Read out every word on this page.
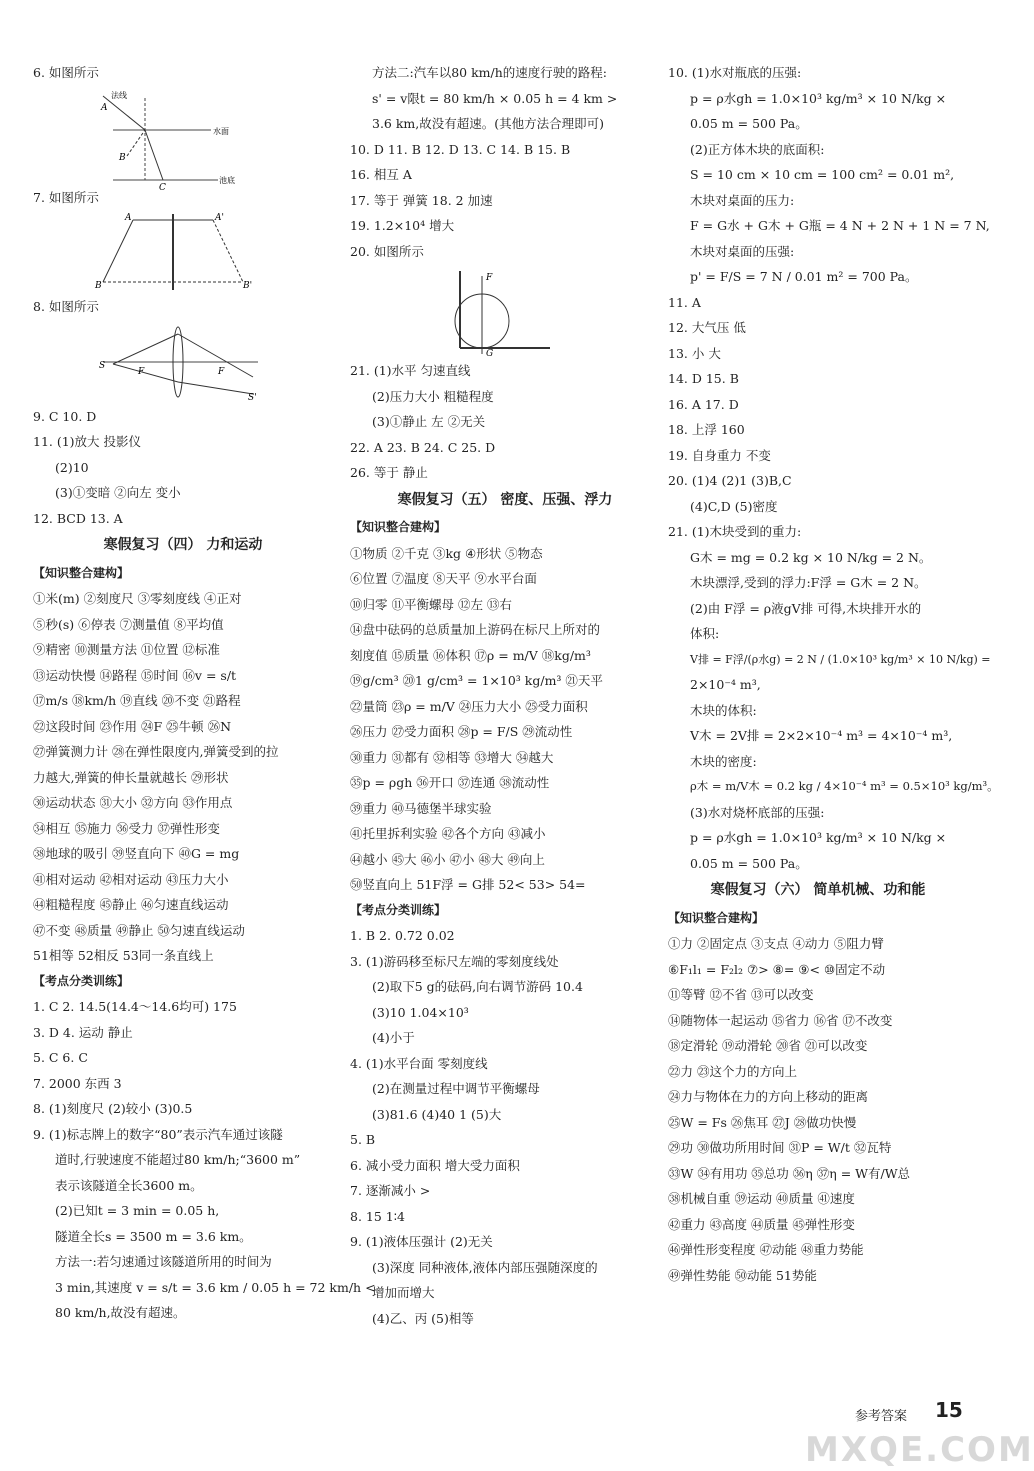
6. 如图所示
法线
水面
池底
A
B
C
7. 如图所示
A	A'
B	B'
8. 如图所示
S
F	F
S'
9. C 10. D
11. (1)放大 投影仪
(2)10
(3)①变暗 ②向左 变小
12. BCD 13. A
寒假复习（四） 力和运动
【知识整合建构】
①米(m) ②刻度尺 ③零刻度线 ④正对
⑤秒(s) ⑥停表 ⑦测量值 ⑧平均值
⑨精密 ⑩测量方法 ⑪位置 ⑫标准
⑬运动快慢 ⑭路程 ⑮时间 ⑯v = s/t
⑰m/s ⑱km/h ⑲直线 ⑳不变 ㉑路程
㉒这段时间 ㉓作用 ㉔F ㉕牛顿 ㉖N
㉗弹簧测力计 ㉘在弹性限度内,弹簧受到的拉
力越大,弹簧的伸长量就越长 ㉙形状
㉚运动状态 ㉛大小 ㉜方向 ㉝作用点
㉞相互 ㉟施力 ㊱受力 ㊲弹性形变
㊳地球的吸引 ㊴竖直向下 ㊵G = mg
㊶相对运动 ㊷相对运动 ㊸压力大小
㊹粗糙程度 ㊺静止 ㊻匀速直线运动
㊼不变 ㊽质量 ㊾静止 ㊿匀速直线运动
51相等 52相反 53同一条直线上
【考点分类训练】
1. C 2. 14.5(14.4～14.6均可) 175
3. D 4. 运动 静止
5. C 6. C
7. 2000 东西 3
8. (1)刻度尺 (2)较小 (3)0.5
9. (1)标志牌上的数字“80”表示汽车通过该隧
道时,行驶速度不能超过80 km/h;“3600 m”
表示该隧道全长3600 m。
(2)已知t = 3 min = 0.05 h,
隧道全长s = 3500 m = 3.6 km。
方法一:若匀速通过该隧道所用的时间为
3 min,其速度 v = s/t = 3.6 km / 0.05 h = 72 km/h <
80 km/h,故没有超速。
方法二:汽车以80 km/h的速度行驶的路程:
s' = v限t = 80 km/h × 0.05 h = 4 km >
3.6 km,故没有超速。(其他方法合理即可)
10. D 11. B 12. D 13. C 14. B 15. B
16. 相互 A
17. 等于 弹簧 18. 2 加速
19. 1.2×10⁴ 增大
20. 如图所示
F
G
21. (1)水平 匀速直线
(2)压力大小 粗糙程度
(3)①静止 左 ②无关
22. A 23. B 24. C 25. D
26. 等于 静止
寒假复习（五） 密度、压强、浮力
【知识整合建构】
①物质 ②千克 ③kg ④形状 ⑤物态
⑥位置 ⑦温度 ⑧天平 ⑨水平台面
⑩归零 ⑪平衡螺母 ⑫左 ⑬右
⑭盘中砝码的总质量加上游码在标尺上所对的
刻度值 ⑮质量 ⑯体积 ⑰ρ = m/V ⑱kg/m³
⑲g/cm³ ⑳1 g/cm³ = 1×10³ kg/m³ ㉑天平
㉒量筒 ㉓ρ = m/V ㉔压力大小 ㉕受力面积
㉖压力 ㉗受力面积 ㉘p = F/S ㉙流动性
㉚重力 ㉛都有 ㉜相等 ㉝增大 ㉞越大
㉟p = ρgh ㊱开口 ㊲连通 ㊳流动性
㊴重力 ㊵马德堡半球实验
㊶托里拆利实验 ㊷各个方向 ㊸减小
㊹越小 ㊺大 ㊻小 ㊼小 ㊽大 ㊾向上
㊿竖直向上 51F浮 = G排 52< 53> 54=
【考点分类训练】
1. B 2. 0.72 0.02
3. (1)游码移至标尺左端的零刻度线处
(2)取下5 g的砝码,向右调节游码 10.4
(3)10 1.04×10³
(4)小于
4. (1)水平台面 零刻度线
(2)在测量过程中调节平衡螺母
(3)81.6 (4)40 1 (5)大
5. B
6. 减小受力面积 增大受力面积
7. 逐渐减小 >
8. 15 1∶4
9. (1)液体压强计 (2)无关
(3)深度 同种液体,液体内部压强随深度的
增加而增大
(4)乙、丙 (5)相等
10. (1)水对瓶底的压强:
p = ρ水gh = 1.0×10³ kg/m³ × 10 N/kg ×
0.05 m = 500 Pa。
(2)正方体木块的底面积:
S = 10 cm × 10 cm = 100 cm² = 0.01 m²,
木块对桌面的压力:
F = G水 + G木 + G瓶 = 4 N + 2 N + 1 N = 7 N,
木块对桌面的压强:
p' = F/S = 7 N / 0.01 m² = 700 Pa。
11. A
12. 大气压 低
13. 小 大
14. D 15. B
16. A 17. D
18. 上浮 160
19. 自身重力 不变
20. (1)4 (2)1 (3)B,C
(4)C,D (5)密度
21. (1)木块受到的重力:
G木 = mg = 0.2 kg × 10 N/kg = 2 N。
木块漂浮,受到的浮力:F浮 = G木 = 2 N。
(2)由 F浮 = ρ液gV排 可得,木块排开水的
体积:
V排 = F浮/(ρ水g) = 2 N / (1.0×10³ kg/m³ × 10 N/kg) =
2×10⁻⁴ m³,
木块的体积:
V木 = 2V排 = 2×2×10⁻⁴ m³ = 4×10⁻⁴ m³,
木块的密度:
ρ木 = m/V木 = 0.2 kg / 4×10⁻⁴ m³ = 0.5×10³ kg/m³。
(3)水对烧杯底部的压强:
p = ρ水gh = 1.0×10³ kg/m³ × 10 N/kg ×
0.05 m = 500 Pa。
寒假复习（六） 简单机械、功和能
【知识整合建构】
①力 ②固定点 ③支点 ④动力 ⑤阻力臂
⑥F₁l₁ = F₂l₂ ⑦> ⑧= ⑨< ⑩固定不动
⑪等臂 ⑫不省 ⑬可以改变
⑭随物体一起运动 ⑮省力 ⑯省 ⑰不改变
⑱定滑轮 ⑲动滑轮 ⑳省 ㉑可以改变
㉒力 ㉓这个力的方向上
㉔力与物体在力的方向上移动的距离
㉕W = Fs ㉖焦耳 ㉗J ㉘做功快慢
㉙功 ㉚做功所用时间 ㉛P = W/t ㉜瓦特
㉝W ㉞有用功 ㉟总功 ㊱η ㊲η = W有/W总
㊳机械自重 ㊴运动 ㊵质量 ㊶速度
㊷重力 ㊸高度 ㊹质量 ㊺弹性形变
㊻弹性形变程度 ㊼动能 ㊽重力势能
㊾弹性势能 ㊿动能 51势能
参考答案 15
MXQE.COM
